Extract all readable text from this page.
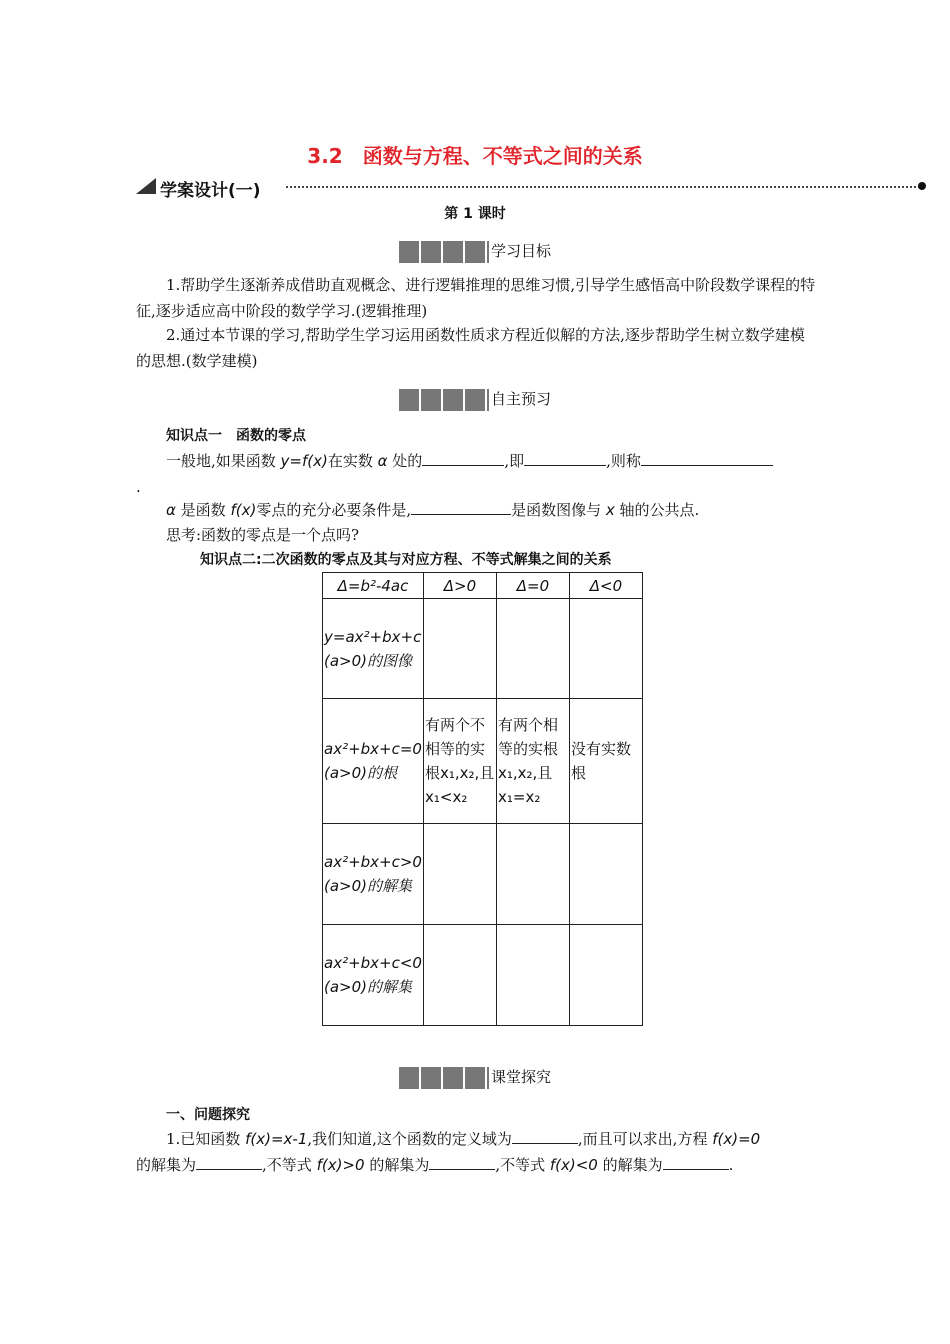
3.2　函数与方程、不等式之间的关系
学案设计(一)
第 1 课时
学习目标
1.帮助学生逐渐养成借助直观概念、进行逻辑推理的思维习惯,引导学生感悟高中阶段数学课程的特征,逐步适应高中阶段的数学学习.(逻辑推理)
2.通过本节课的学习,帮助学生学习运用函数性质求方程近似解的方法,逐步帮助学生树立数学建模的思想.(数学建模)
自主预习
知识点一　函数的零点
一般地,如果函数 y=f(x)在实数 α 处的	,即	,则称
.
α 是函数 f(x)零点的充分必要条件是,	是函数图像与 x 轴的公共点.
思考:函数的零点是一个点吗?
知识点二:二次函数的零点及其与对应方程、不等式解集之间的关系
Δ=b²-4ac	Δ>0	Δ=0	Δ<0
y=ax²+bx+c (a>0)的图像			
ax²+bx+c=0 (a>0)的根	有两个不相等的实根x₁,x₂,且x₁<x₂	有两个相等的实根x₁,x₂,且x₁=x₂	没有实数根
ax²+bx+c>0 (a>0)的解集			
ax²+bx+c<0 (a>0)的解集			
课堂探究
一、问题探究
1.已知函数 f(x)=x-1,我们知道,这个函数的定义域为	,而且可以求出,方程 f(x)=0
的解集为	,不等式 f(x)>0 的解集为	,不等式 f(x)<0 的解集为	.
